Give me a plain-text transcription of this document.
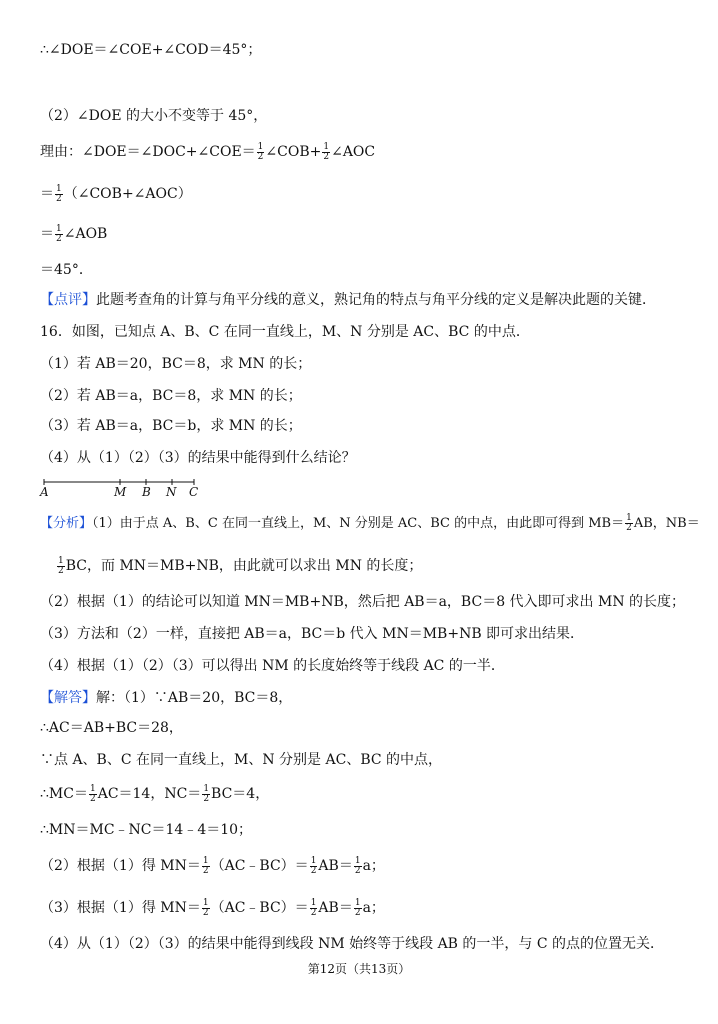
∴∠DOE＝∠COE+∠COD＝45°；
（2）∠DOE 的大小不变等于 45°，
理由：∠DOE＝∠DOC+∠COE＝ $\frac{1}{2}$ ∠COB+ $\frac{1}{2}$ ∠AOC
＝ $\frac{1}{2}$ （∠COB+∠AOC）
＝ $\frac{1}{2}$ ∠AOB
＝45°．
【点评】此题考查角的计算与角平分线的意义，熟记角的特点与角平分线的定义是解决此题的关键．
16．如图，已知点 A、B、C 在同一直线上，M、N 分别是 AC、BC 的中点．
（1）若 AB＝20，BC＝8，求 MN 的长；
（2）若 AB＝a，BC＝8，求 MN 的长；
（3）若 AB＝a，BC＝b，求 MN 的长；
（4）从（1）（2）（3）的结果中能得到什么结论？
A	M B N C
【分析】（1）由于点 A、B、C 在同一直线上，M、N 分别是 AC、BC 的中点，由此即可得到 $MB= \frac{1}{2}$ AB，NB＝
$\frac{1}{2}$ BC，而 MN＝MB+NB，由此就可以求出 MN 的长度；
（2）根据（1）的结论可以知道 MN＝MB+NB，然后把 AB＝a，BC＝8 代入即可求出 MN 的长度；
（3）方法和（2）一样，直接把 AB＝a，BC＝b 代入 MN＝MB+NB 即可求出结果．
（4）根据（1）（2）（3）可以得出 NM 的长度始终等于线段 AC 的一半．
【解答】解：（1）∵AB＝20，BC＝8，
∴AC＝AB+BC＝28，
∵点 A、B、C 在同一直线上，M、N 分别是 AC、BC 的中点，
∴MC＝ $\frac{1}{2} AC=14$，$NC= \frac{1}{2} BC=4$，
∴MN＝MC﹣NC＝14﹣4＝10；
（2）根据（1）得 $MN= \frac{1}{2}$ （AC﹣BC）＝ $\frac{1}{2} AB= \frac{1}{2}$ a；
（3）根据（1）得 $MN= \frac{1}{2}$ （AC﹣BC）＝ $\frac{1}{2} AB= \frac{1}{2}$ a；
（4）从（1）（2）（3）的结果中能得到线段 NM 始终等于线段 AB 的一半，与 C 的点的位置无关．
第12页（共13页）
